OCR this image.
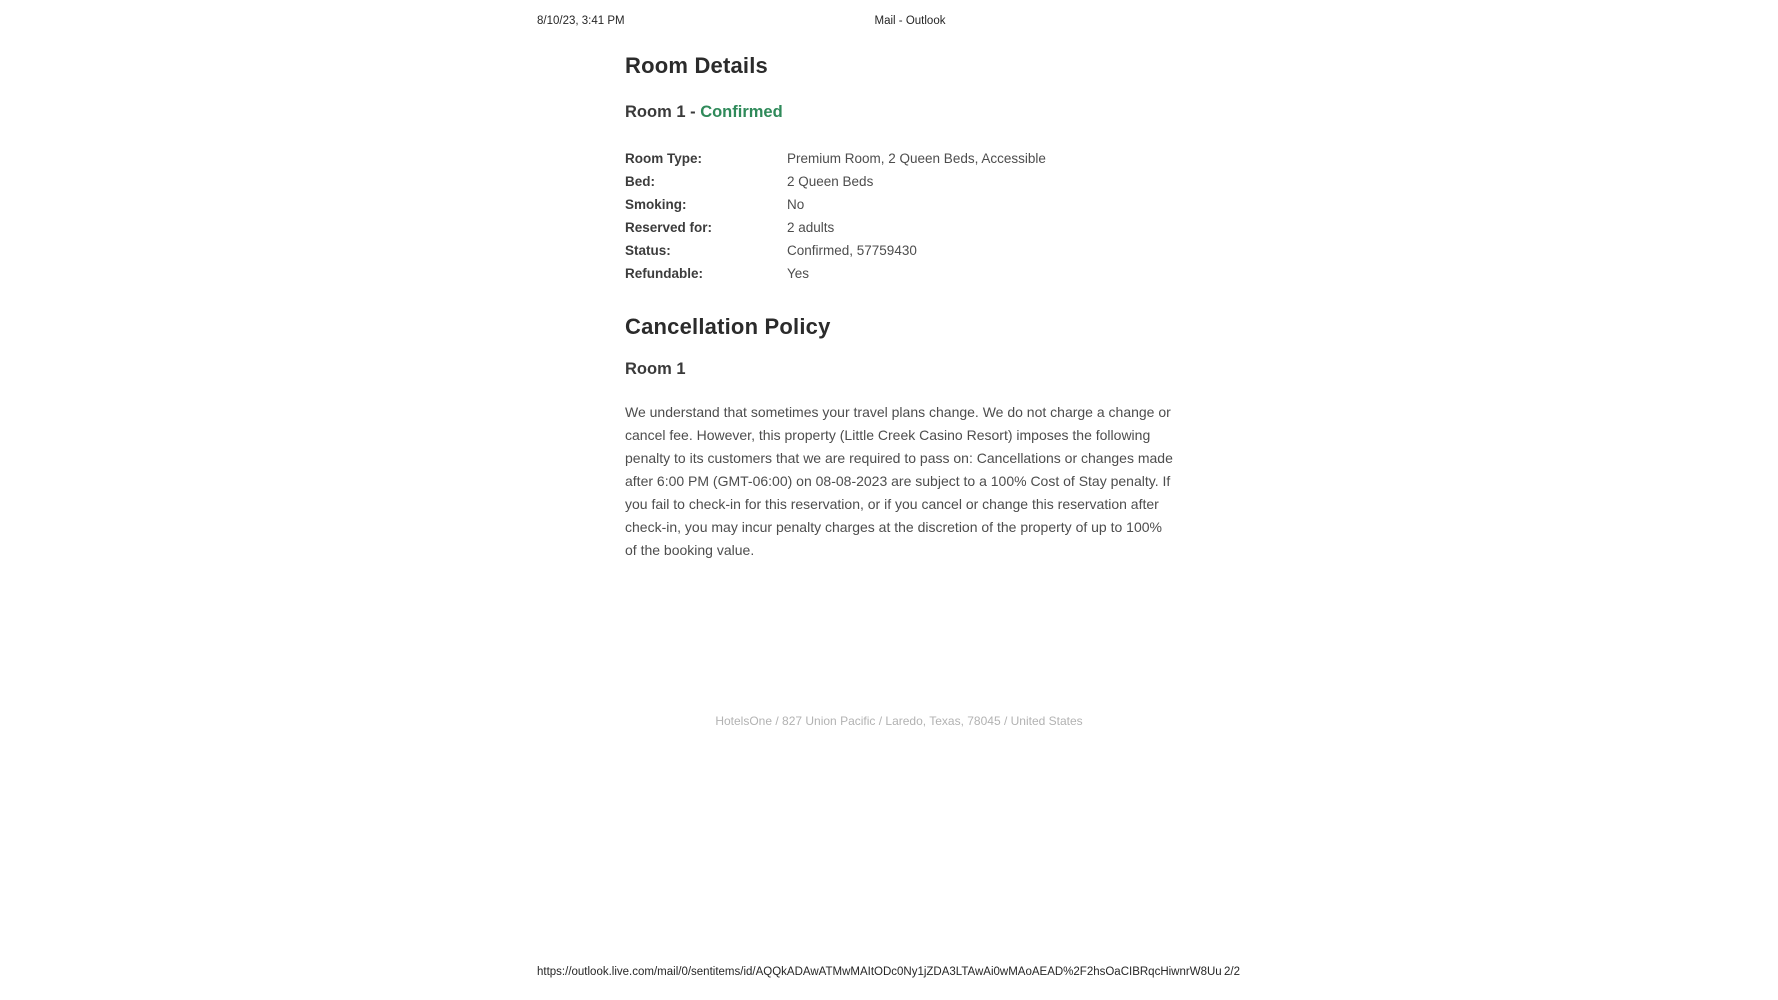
8/10/23, 3:41 PM	Mail - Outlook
Room Details
Room 1 - Confirmed
Room Type:	Premium Room, 2 Queen Beds, Accessible
Bed:	2 Queen Beds
Smoking:	No
Reserved for:	2 adults
Status:	Confirmed, 57759430
Refundable:	Yes
Cancellation Policy
Room 1
We understand that sometimes your travel plans change. We do not charge a change or cancel fee. However, this property (Little Creek Casino Resort) imposes the following penalty to its customers that we are required to pass on: Cancellations or changes made after 6:00 PM (GMT-06:00) on 08-08-2023 are subject to a 100% Cost of Stay penalty. If you fail to check-in for this reservation, or if you cancel or change this reservation after check-in, you may incur penalty charges at the discretion of the property of up to 100% of the booking value.
HotelsOne / 827 Union Pacific / Laredo, Texas, 78045 / United States
https://outlook.live.com/mail/0/sentitems/id/AQQkADAwATMwMAItODc0Ny1jZDA3LTAwAi0wMAoAEAD%2F2hsOaCIBRqcHiwnrW8Uu 2/2
